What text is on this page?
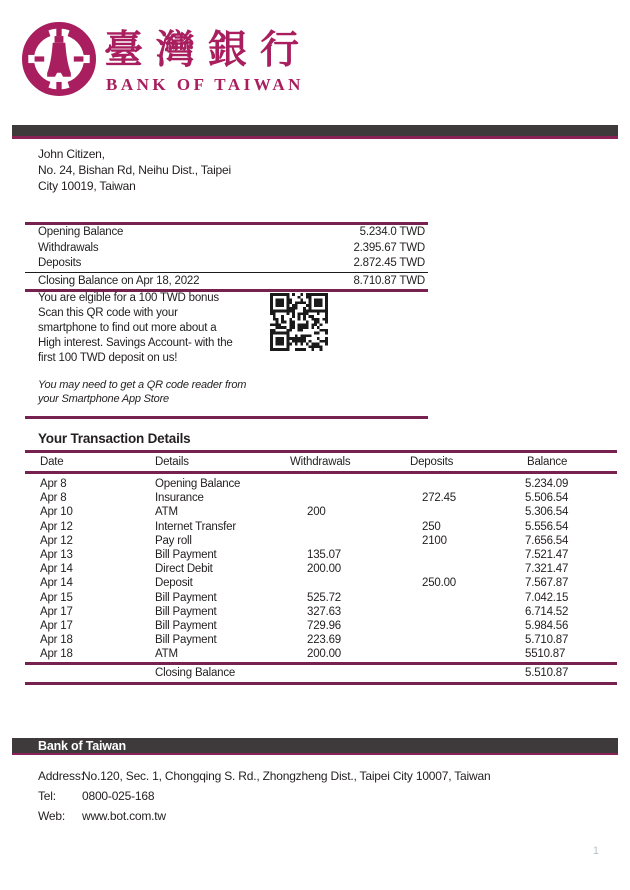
臺灣銀行
BANK OF TAIWAN
John Citizen,
No. 24, Bishan Rd, Neihu Dist., Taipei
City 10019, Taiwan
Opening Balance	5.234.0 TWD
Withdrawals	2.395.67 TWD
Deposits	2.872.45 TWD
Closing Balance on Apr 18, 2022	8.710.87 TWD
You are elgible for a 100 TWD bonus
Scan this QR code with your
smartphone to find out more about a
High interest. Savings Account- with the
first 100 TWD deposit on us!
You may need to get a QR code reader from
your Smartphone App Store
Your Transaction Details
Date	Details	Withdrawals	Deposits	Balance
Apr 8	Opening Balance			5.234.09
Apr 8	Insurance		272.45	5.506.54
Apr 10	ATM	200		5.306.54
Apr 12	Internet Transfer		250	5.556.54
Apr 12	Pay roll		2100	7.656.54
Apr 13	Bill Payment	135.07		7.521.47
Apr 14	Direct Debit	200.00		7.321.47
Apr 14	Deposit		250.00	7.567.87
Apr 15	Bill Payment	525.72		7.042.15
Apr 17	Bill Payment	327.63		6.714.52
Apr 17	Bill Payment	729.96		5.984.56
Apr 18	Bill Payment	223.69		5.710.87
Apr 18	ATM	200.00		5510.87
	Closing Balance			5.510.87
Bank of Taiwan
Address:
No.120, Sec. 1, Chongqing S. Rd., Zhongzheng Dist., Taipei City 10007, Taiwan
Tel:	0800-025-168
Web:	www.bot.com.tw
1
